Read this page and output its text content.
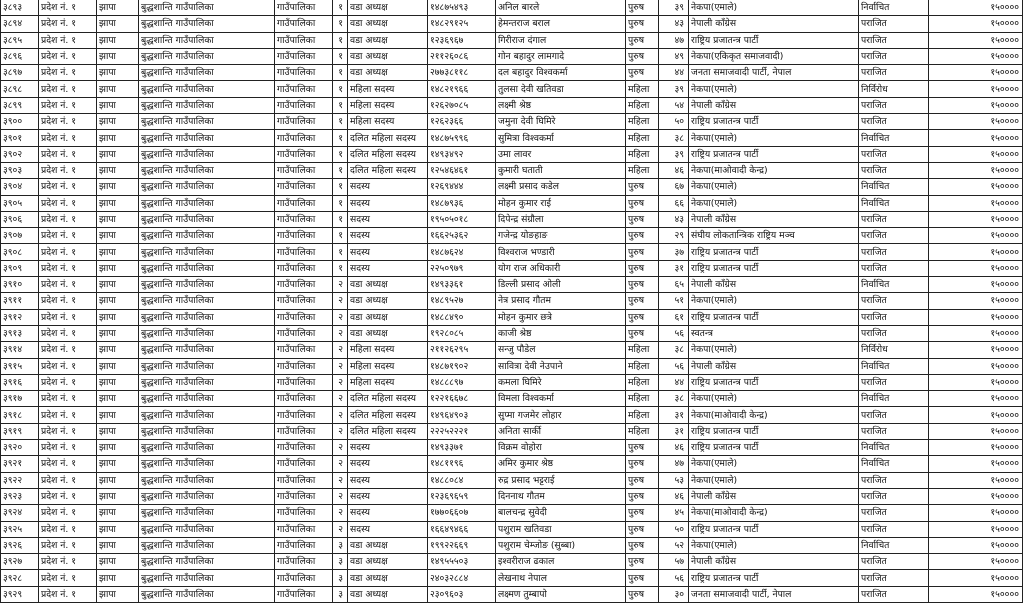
३८९३	प्रदेश नं. १	झापा	बुद्धशान्ति गाउँपालिका	गाउँपालिका	१	वडा अध्यक्ष	१४८७५४९३	अनिल बारले	पुरुष	३९	नेकपा(एमाले)	निर्वाचित	१५००००
३८९४	प्रदेश नं. १	झापा	बुद्धशान्ति गाउँपालिका	गाउँपालिका	१	वडा अध्यक्ष	१४८२९१२५	हेमन्तराज बराल	पुरुष	४३	नेपाली काँग्रेस	पराजित	१५००००
३८९५	प्रदेश नं. १	झापा	बुद्धशान्ति गाउँपालिका	गाउँपालिका	१	वडा अध्यक्ष	१२३६९६७	गिरीराज दंगाल	पुरुष	४७	राष्ट्रिय प्रजातन्त्र पार्टी	पराजित	१५००००
३८९६	प्रदेश नं. १	झापा	बुद्धशान्ति गाउँपालिका	गाउँपालिका	१	वडा अध्यक्ष	२११२६०८६	गोन बहादुर लामगादे	पुरुष	४९	नेकपा(एकिकृत समाजवादी)	पराजित	१५००००
३८९७	प्रदेश नं. १	झापा	बुद्धशान्ति गाउँपालिका	गाउँपालिका	१	वडा अध्यक्ष	२७७३८११८	दल बहादुर विश्वकर्मा	पुरुष	४४	जनता समाजवादी पार्टी, नेपाल	पराजित	१५००००
३८९८	प्रदेश नं. १	झापा	बुद्धशान्ति गाउँपालिका	गाउँपालिका	१	महिला सदस्य	१४८२१९६६	तुलसा देवी खतिवडा	महिला	३९	नेकपा(एमाले)	निर्विरोध	१५००००
३८९९	प्रदेश नं. १	झापा	बुद्धशान्ति गाउँपालिका	गाउँपालिका	१	महिला सदस्य	१२६२७०८५	लक्ष्मी श्रेष्ठ	महिला	५४	नेपाली काँग्रेस	पराजित	१५००००
३९००	प्रदेश नं. १	झापा	बुद्धशान्ति गाउँपालिका	गाउँपालिका	१	महिला सदस्य	१२६२३६६	जमुना देवी घिमिरे	महिला	५०	राष्ट्रिय प्रजातन्त्र पार्टी	पराजित	१५००००
३९०१	प्रदेश नं. १	झापा	बुद्धशान्ति गाउँपालिका	गाउँपालिका	१	दलित महिला सदस्य	१४८७५९९६	सुमित्रा विश्वकर्मा	महिला	३८	नेकपा(एमाले)	निर्वाचित	१५००००
३९०२	प्रदेश नं. १	झापा	बुद्धशान्ति गाउँपालिका	गाउँपालिका	१	दलित महिला सदस्य	१४९३४९२	उमा लावर	महिला	३९	राष्ट्रिय प्रजातन्त्र पार्टी	पराजित	१५००००
३९०३	प्रदेश नं. १	झापा	बुद्धशान्ति गाउँपालिका	गाउँपालिका	१	दलित महिला सदस्य	१२५४६४६१	कुमारी घताती	महिला	४६	नेकपा(माओवादी केन्द्र)	पराजित	१५००००
३९०४	प्रदेश नं. १	झापा	बुद्धशान्ति गाउँपालिका	गाउँपालिका	१	सदस्य	१२६९४४४	लक्ष्मी प्रसाद कडेल	पुरुष	६७	नेकपा(एमाले)	निर्वाचित	१५००००
३९०५	प्रदेश नं. १	झापा	बुद्धशान्ति गाउँपालिका	गाउँपालिका	१	सदस्य	१४८७९३६	मोहन कुमार राई	पुरुष	६६	नेकपा(एमाले)	निर्वाचित	१५००००
३९०६	प्रदेश नं. १	झापा	बुद्धशान्ति गाउँपालिका	गाउँपालिका	१	सदस्य	१९५०५०१८	दिपेन्द्र संग्रौला	पुरुष	४३	नेपाली काँग्रेस	पराजित	१५००००
३९०७	प्रदेश नं. १	झापा	बुद्धशान्ति गाउँपालिका	गाउँपालिका	१	सदस्य	१६६२५३६२	गजेन्द्र योङहाङ	पुरुष	२९	संघीय लोकतान्त्रिक राष्ट्रिय मञ्च	पराजित	१५००००
३९०८	प्रदेश नं. १	झापा	बुद्धशान्ति गाउँपालिका	गाउँपालिका	१	सदस्य	१४८७६२४	विश्वराज भण्डारी	पुरुष	३७	राष्ट्रिय प्रजातन्त्र पार्टी	पराजित	१५००००
३९०९	प्रदेश नं. १	झापा	बुद्धशान्ति गाउँपालिका	गाउँपालिका	१	सदस्य	२२५०९७९	योग राज अधिकारी	पुरुष	३१	राष्ट्रिय प्रजातन्त्र पार्टी	पराजित	१५००००
३९१०	प्रदेश नं. १	झापा	बुद्धशान्ति गाउँपालिका	गाउँपालिका	२	वडा अध्यक्ष	१४९३३६१	डिल्ली प्रसाद ओली	पुरुष	६५	नेपाली काँग्रेस	निर्वाचित	१५००००
३९११	प्रदेश नं. १	झापा	बुद्धशान्ति गाउँपालिका	गाउँपालिका	२	वडा अध्यक्ष	१४८९५२७	नेत्र प्रसाद गौतम	पुरुष	५१	नेकपा(एमाले)	पराजित	१५००००
३९१२	प्रदेश नं. १	झापा	बुद्धशान्ति गाउँपालिका	गाउँपालिका	२	वडा अध्यक्ष	१४८८४९०	मोहन कुमार छत्रे	पुरुष	६१	राष्ट्रिय प्रजातन्त्र पार्टी	पराजित	१५००००
३९१३	प्रदेश नं. १	झापा	बुद्धशान्ति गाउँपालिका	गाउँपालिका	२	वडा अध्यक्ष	१९२८०८५	काजी श्रेष्ठ	पुरुष	५६	स्वतन्त्र	पराजित	१५००००
३९१४	प्रदेश नं. १	झापा	बुद्धशान्ति गाउँपालिका	गाउँपालिका	२	महिला सदस्य	२११२६२९५	सन्जु पौडेल	महिला	३८	नेकपा(एमाले)	निर्विरोध	१५००००
३९१५	प्रदेश नं. १	झापा	बुद्धशान्ति गाउँपालिका	गाउँपालिका	२	महिला सदस्य	१४८७१९०२	सावित्रा देवी नेउपाने	महिला	५६	नेपाली काँग्रेस	निर्वाचित	१५००००
३९१६	प्रदेश नं. १	झापा	बुद्धशान्ति गाउँपालिका	गाउँपालिका	२	महिला सदस्य	१४८८८९७	कमला घिमिरे	महिला	४४	राष्ट्रिय प्रजातन्त्र पार्टी	पराजित	१५००००
३९१७	प्रदेश नं. १	झापा	बुद्धशान्ति गाउँपालिका	गाउँपालिका	२	दलित महिला सदस्य	१२२१६६७८	विमला विश्वकर्मा	महिला	३८	नेकपा(एमाले)	निर्वाचित	१५००००
३९१८	प्रदेश नं. १	झापा	बुद्धशान्ति गाउँपालिका	गाउँपालिका	२	दलित महिला सदस्य	१४९६४९०३	सुप्मा गजमेर लोहार	महिला	३१	नेकपा(माओवादी केन्द्र)	पराजित	१५००००
३९१९	प्रदेश नं. १	झापा	बुद्धशान्ति गाउँपालिका	गाउँपालिका	२	दलित महिला सदस्य	२२२५२२२१	अनिता सार्की	महिला	३१	राष्ट्रिय प्रजातन्त्र पार्टी	पराजित	१५००००
३९२०	प्रदेश नं. १	झापा	बुद्धशान्ति गाउँपालिका	गाउँपालिका	२	सदस्य	१४९३३७१	विक्रम वोहोरा	पुरुष	४६	राष्ट्रिय प्रजातन्त्र पार्टी	निर्वाचित	१५००००
३९२१	प्रदेश नं. १	झापा	बुद्धशान्ति गाउँपालिका	गाउँपालिका	२	सदस्य	१४८११९६	अमिर कुमार श्रेष्ठ	पुरुष	४७	नेकपा(एमाले)	निर्वाचित	१५००००
३९२२	प्रदेश नं. १	झापा	बुद्धशान्ति गाउँपालिका	गाउँपालिका	२	सदस्य	१४८८०८४	रुद्र प्रसाद भट्टराई	पुरुष	५३	नेकपा(एमाले)	पराजित	१५००००
३९२३	प्रदेश नं. १	झापा	बुद्धशान्ति गाउँपालिका	गाउँपालिका	२	सदस्य	१२३६९६५९	दिननाथ गौतम	पुरुष	४६	नेपाली काँग्रेस	पराजित	१५००००
३९२४	प्रदेश नं. १	झापा	बुद्धशान्ति गाउँपालिका	गाउँपालिका	२	सदस्य	१७७०६६०७	बालचन्द्र सुवेदी	पुरुष	४५	नेकपा(माओवादी केन्द्र)	पराजित	१५००००
३९२५	प्रदेश नं. १	झापा	बुद्धशान्ति गाउँपालिका	गाउँपालिका	२	सदस्य	१६६४९४६६	पशुराम खतिवडा	पुरुष	५०	राष्ट्रिय प्रजातन्त्र पार्टी	पराजित	१५००००
३९२६	प्रदेश नं. १	झापा	बुद्धशान्ति गाउँपालिका	गाउँपालिका	३	वडा अध्यक्ष	१९९२२६६९	पशुराम चेम्जोङ (सुब्बा)	पुरुष	५२	नेकपा(एमाले)	निर्वाचित	१५००००
३९२७	प्रदेश नं. १	झापा	बुद्धशान्ति गाउँपालिका	गाउँपालिका	३	वडा अध्यक्ष	१४९५५५०३	इश्वरीराज ढकाल	पुरुष	५७	नेपाली काँग्रेस	पराजित	१५००००
३९२८	प्रदेश नं. १	झापा	बुद्धशान्ति गाउँपालिका	गाउँपालिका	३	वडा अध्यक्ष	२४०३२८८४	लेखनाथ नेपाल	पुरुष	५६	राष्ट्रिय प्रजातन्त्र पार्टी	पराजित	१५००००
३९२९	प्रदेश नं. १	झापा	बुद्धशान्ति गाउँपालिका	गाउँपालिका	३	वडा अध्यक्ष	२३०९६०३	लक्ष्मण तुम्बापो	पुरुष	३०	जनता समाजवादी पार्टी, नेपाल	पराजित	१५००००
